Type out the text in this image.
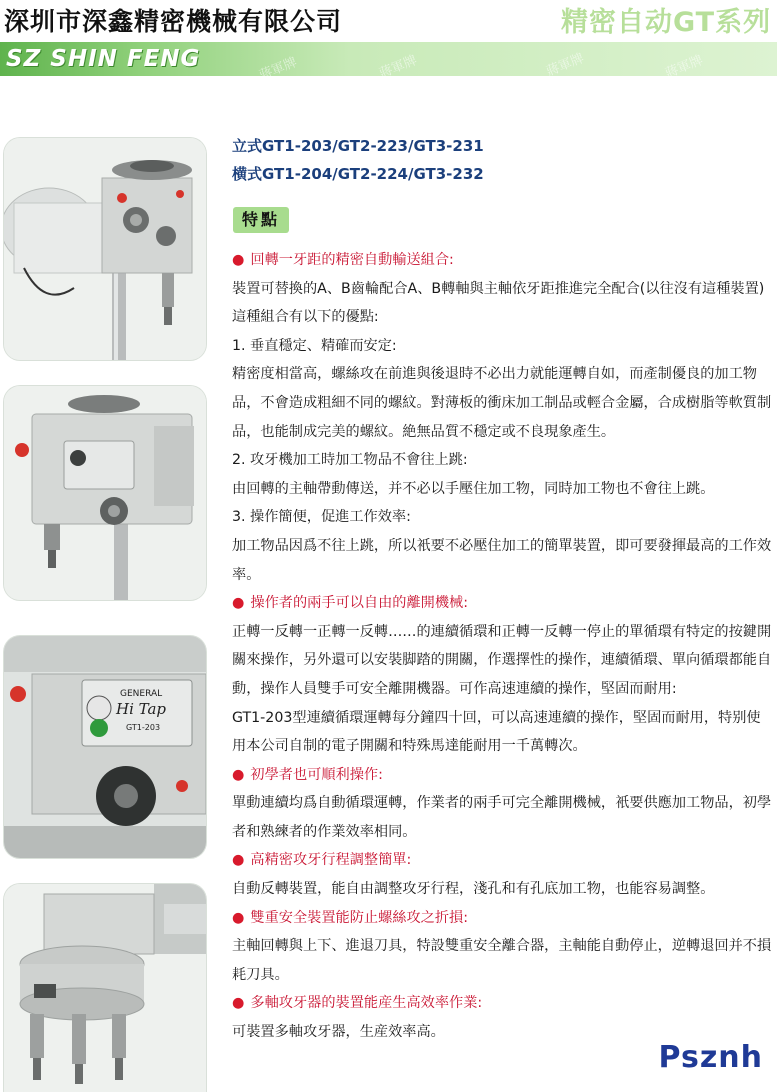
深圳市深鑫精密機械有限公司	精密自动GT系列
SZ SHIN FENG	蔣軍牌	蔣軍牌	蔣軍牌	蔣軍牌
GENERAL
Hi Tap
GT1-203
立式GT1-203/GT2-223/GT3-231
横式GT1-204/GT2-224/GT3-232
特點

● 回轉一牙距的精密自動輸送組合:

裝置可替換的A、B齒輪配合A、B轉軸與主軸依牙距推進完全配合(以往沒有這種裝置)這種組合有以下的優點:

1. 垂直穩定、精確而安定:

精密度相當高，螺絲攻在前進與後退時不必出力就能運轉自如，而產制優良的加工物品，不會造成粗細不同的螺紋。對薄板的衝床加工制品或輕合金屬，合成樹脂等軟質制品，也能制成完美的螺紋。絶無品質不穩定或不良現象產生。

2. 攻牙機加工時加工物品不會往上跳:

由回轉的主軸帶動傳送，并不必以手壓住加工物，同時加工物也不會往上跳。

3. 操作簡便，促進工作效率:

加工物品因爲不往上跳，所以衹要不必壓住加工的簡單裝置，即可要發揮最高的工作效率。

● 操作者的兩手可以自由的離開機械:

正轉一反轉一正轉一反轉……的連續循環和正轉一反轉一停止的單循環有特定的按鍵開關來操作，另外還可以安裝脚踏的開關，作選擇性的操作，連續循環、單向循環都能自動，操作人員雙手可安全離開機器。可作高速連續的操作，堅固而耐用:

GT1-203型連續循環運轉每分鐘四十回，可以高速連續的操作，堅固而耐用，特别使用本公司自制的電子開關和特殊馬達能耐用一千萬轉次。

● 初學者也可順利操作:

單動連續均爲自動循環運轉，作業者的兩手可完全離開機械，衹要供應加工物品，初學者和熟練者的作業效率相同。

● 高精密攻牙行程調整簡單:

自動反轉裝置，能自由調整攻牙行程，淺孔和有孔底加工物，也能容易調整。

● 雙重安全裝置能防止螺絲攻之折損:

主軸回轉與上下、進退刀具，特設雙重安全離合器，主軸能自動停止，逆轉退回并不損耗刀具。

● 多軸攻牙器的裝置能産生高效率作業:

可裝置多軸攻牙器，生産效率高。

Psznh
